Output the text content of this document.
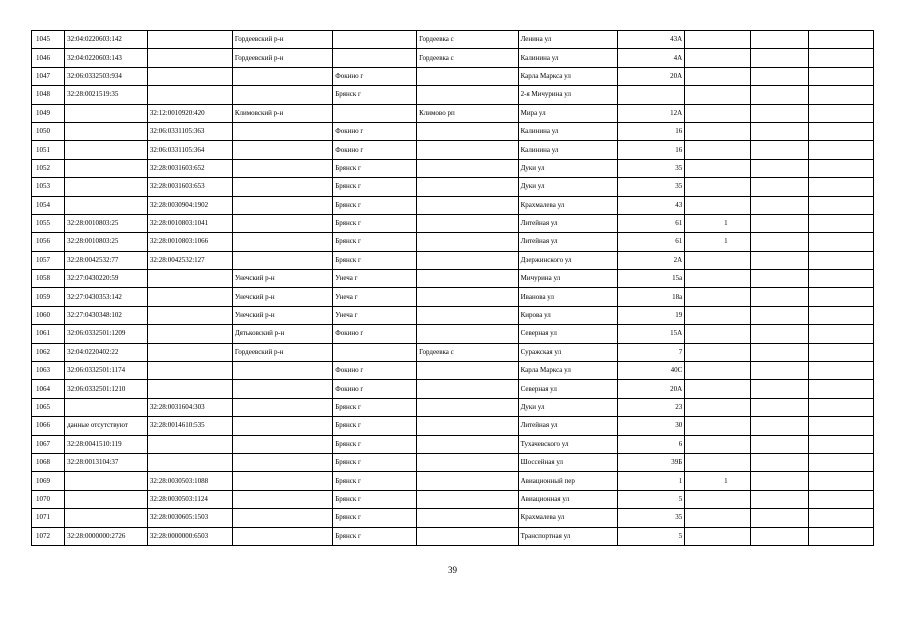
1045	32:04:0220603:142		Гордеевский р-н		Гордеевка с	Ленина ул	43А			
1046	32:04:0220603:143		Гордеевский р-н		Гордеевка с	Калинина ул	4А			
1047	32:06:0332503:934			Фокино г		Карла Маркса ул	20А			
1048	32:28:0021519:35			Брянск г		2-я Мичурина ул				
1049		32:12:0010920:420	Климовский р-н		Климово рп	Мира ул	12А			
1050		32:06:0331105:363		Фокино г		Калинина ул	16			
1051		32:06:0331105:364		Фокино г		Калинина ул	16			
1052		32:28:0031603:652		Брянск г		Дуки ул	35			
1053		32:28:0031603:653		Брянск г		Дуки ул	35			
1054		32:28:0030904:1902		Брянск г		Крахмалева ул	43			
1055	32:28:0010803:25	32:28:0010803:1041		Брянск г		Литейная ул	61	1		
1056	32:28:0010803:25	32:28:0010803:1066		Брянск г		Литейная ул	61	1		
1057	32:28:0042532:77	32:28:0042532:127		Брянск г		Дзержинского ул	2А			
1058	32:27:0430220:59		Унечский р-н	Унеча г		Мичурина ул	15а			
1059	32:27:0430353:142		Унечский р-н	Унеча г		Иванова ул	18а			
1060	32:27:0430348:102		Унечский р-н	Унеча г		Кирова ул	19			
1061	32:06:0332501:1209		Дятьковский р-н	Фокино г		Северная ул	15А			
1062	32:04:0220402:22		Гордеевский р-н		Гордеевка с	Суражская ул	7			
1063	32:06:0332501:1174			Фокино г		Карла Маркса ул	40С			
1064	32:06:0332501:1210			Фокино г		Северная ул	20А			
1065		32:28:0031604:303		Брянск г		Дуки ул	23			
1066	данные отсутствуют	32:28:0014610:535		Брянск г		Литейная ул	30			
1067	32:28:0041510:119			Брянск г		Тухачевского ул	6			
1068	32:28:0013104:37			Брянск г		Шоссейная ул	39Б			
1069		32:28:0030503:1088		Брянск г		Авиационный пер	1	1		
1070		32:28:0030503:1124		Брянск г		Авиационная ул	5			
1071		32:28:0030605:1503		Брянск г		Крахмалева ул	35			
1072	32:28:0000000:2726	32:28:0000000:6503		Брянск г		Транспортная ул	5			
39
